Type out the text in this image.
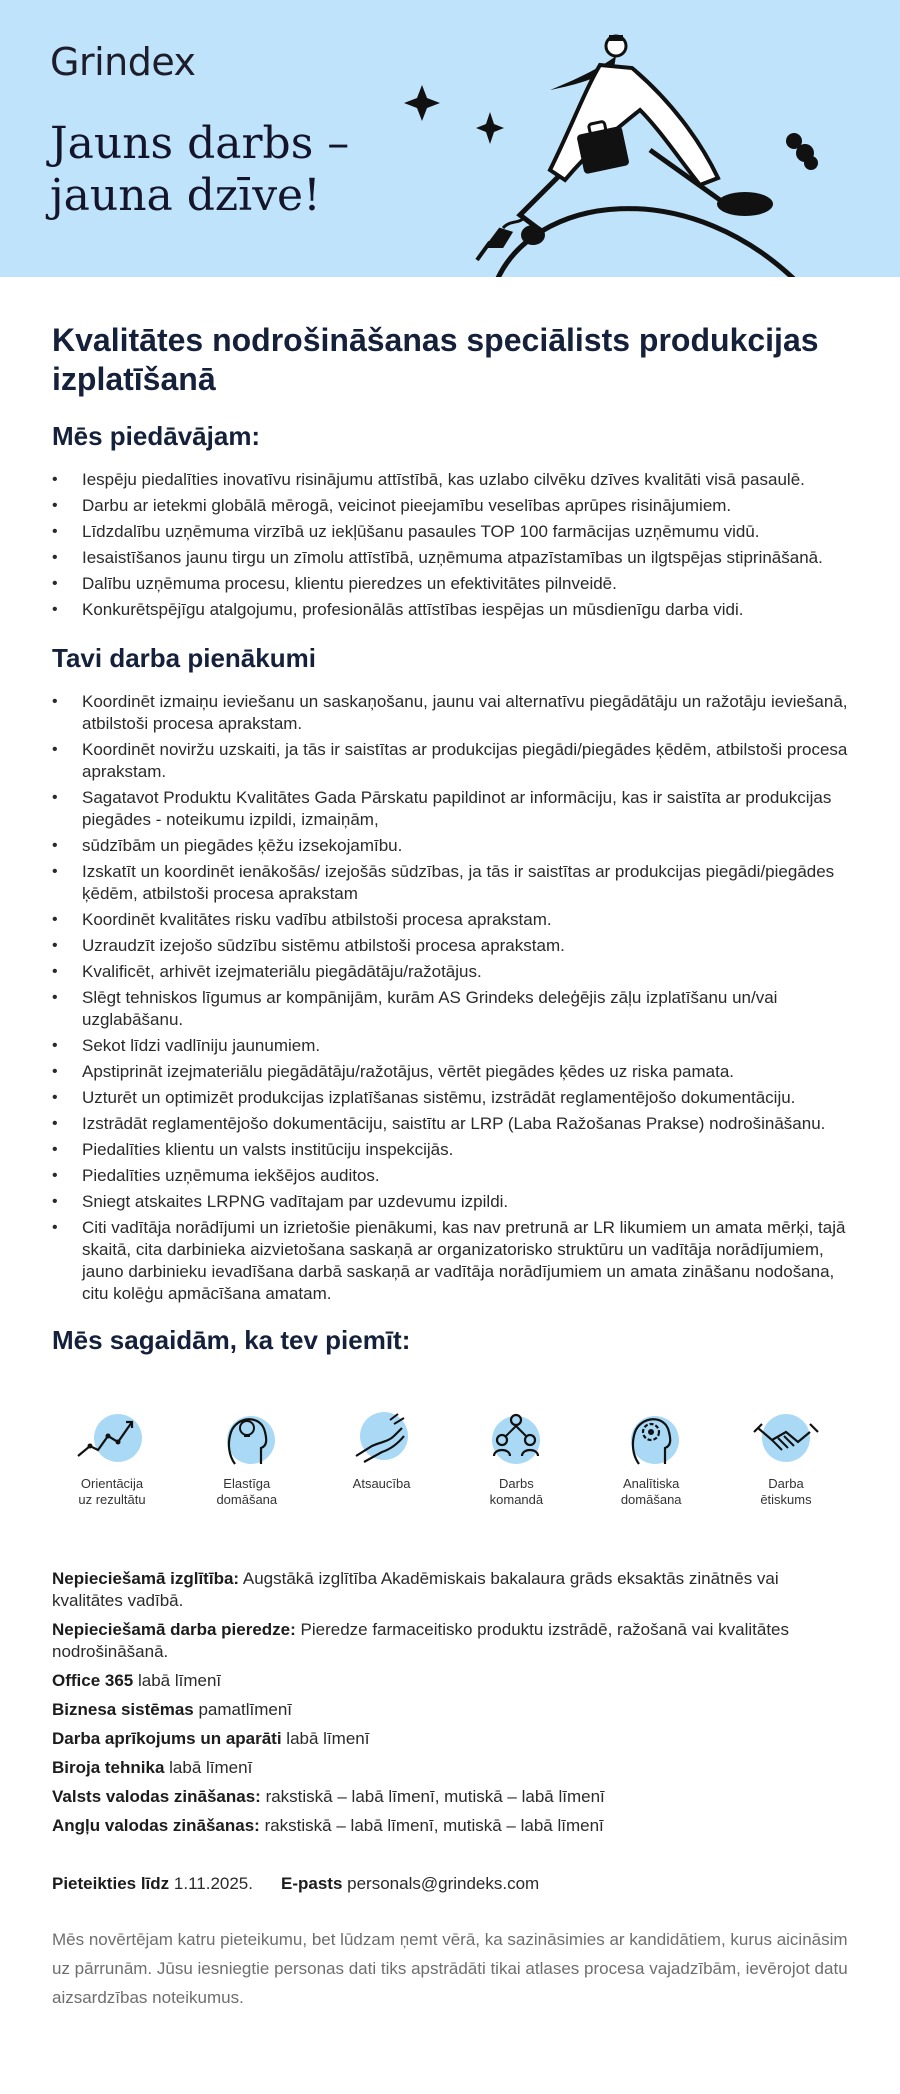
Grindex
Jauns darbs –
jauna dzīve!
Kvalitātes nodrošināšanas speciālists produkcijas izplatīšanā
Mēs piedāvājam:
• Iespēju piedalīties inovatīvu risinājumu attīstībā, kas uzlabo cilvēku dzīves kvalitāti visā pasaulē.
• Darbu ar ietekmi globālā mērogā, veicinot pieejamību veselības aprūpes risinājumiem.
• Līdzdalību uzņēmuma virzībā uz iekļūšanu pasaules TOP 100 farmācijas uzņēmumu vidū.
• Iesaistīšanos jaunu tirgu un zīmolu attīstībā, uzņēmuma atpazīstamības un ilgtspējas stiprināšanā.
• Dalību uzņēmuma procesu, klientu pieredzes un efektivitātes pilnveidē.
• Konkurētspējīgu atalgojumu, profesionālās attīstības iespējas un mūsdienīgu darba vidi.
Tavi darba pienākumi
• Koordinēt izmaiņu ieviešanu un saskaņošanu, jaunu vai alternatīvu piegādātāju un ražotāju ieviešanā, atbilstoši procesa aprakstam.
• Koordinēt noviržu uzskaiti, ja tās ir saistītas ar produkcijas piegādi/piegādes ķēdēm, atbilstoši procesa aprakstam.
• Sagatavot Produktu Kvalitātes Gada Pārskatu papildinot ar informāciju, kas ir saistīta ar produkcijas piegādes - noteikumu izpildi, izmaiņām,
• sūdzībām un piegādes ķēžu izsekojamību.
• Izskatīt un koordinēt ienākošās/ izejošās sūdzības, ja tās ir saistītas ar produkcijas piegādi/piegādes ķēdēm, atbilstoši procesa aprakstam
• Koordinēt kvalitātes risku vadību atbilstoši procesa aprakstam.
• Uzraudzīt izejošo sūdzību sistēmu atbilstoši procesa aprakstam.
• Kvalificēt, arhivēt izejmateriālu piegādātāju/ražotājus.
• Slēgt tehniskos līgumus ar kompānijām, kurām AS Grindeks deleģējis zāļu izplatīšanu un/vai uzglabāšanu.
• Sekot līdzi vadlīniju jaunumiem.
• Apstiprināt izejmateriālu piegādātāju/ražotājus, vērtēt piegādes ķēdes uz riska pamata.
• Uzturēt un optimizēt produkcijas izplatīšanas sistēmu, izstrādāt reglamentējošo dokumentāciju.
• Izstrādāt reglamentējošo dokumentāciju, saistītu ar LRP (Laba Ražošanas Prakse) nodrošināšanu.
• Piedalīties klientu un valsts institūciju inspekcijās.
• Piedalīties uzņēmuma iekšējos auditos.
• Sniegt atskaites LRPNG vadītajam par uzdevumu izpildi.
• Citi vadītāja norādījumi un izrietošie pienākumi, kas nav pretrunā ar LR likumiem un amata mērķi, tajā skaitā, cita darbinieka aizvietošana saskaņā ar organizatorisko struktūru un vadītāja norādījumiem, jauno darbinieku ievadīšana darbā saskaņā ar vadītāja norādījumiem un amata zināšanu nodošana, citu kolēģu apmācīšana amatam.
Mēs sagaidām, ka tev piemīt:
Orientācija
uz rezultātu
Elastīga
domāšana
Atsaucība	Darbs
komandā
Analītiska
domāšana
Darba
ētiskums

Nepieciešamā izglītība: Augstākā izglītība Akadēmiskais bakalaura grāds eksaktās zinātnēs vai kvalitātes vadībā.

Nepieciešamā darba pieredze: Pieredze farmaceitisko produktu izstrādē, ražošanā vai kvalitātes nodrošināšanā.

Office 365 labā līmenī

Biznesa sistēmas pamatlīmenī

Darba aprīkojums un aparāti labā līmenī

Biroja tehnika labā līmenī

Valsts valodas zināšanas: rakstiskā – labā līmenī, mutiskā – labā līmenī

Angļu valodas zināšanas: rakstiskā – labā līmenī, mutiskā – labā līmenī

Pieteikties līdz 1.11.2025. E-pasts personals@grindeks.com

Mēs novērtējam katru pieteikumu, bet lūdzam ņemt vērā, ka sazināsimies ar kandidātiem, kurus aicināsim uz pārrunām. Jūsu iesniegtie personas dati tiks apstrādāti tikai atlases procesa vajadzībām, ievērojot datu aizsardzības noteikumus.
